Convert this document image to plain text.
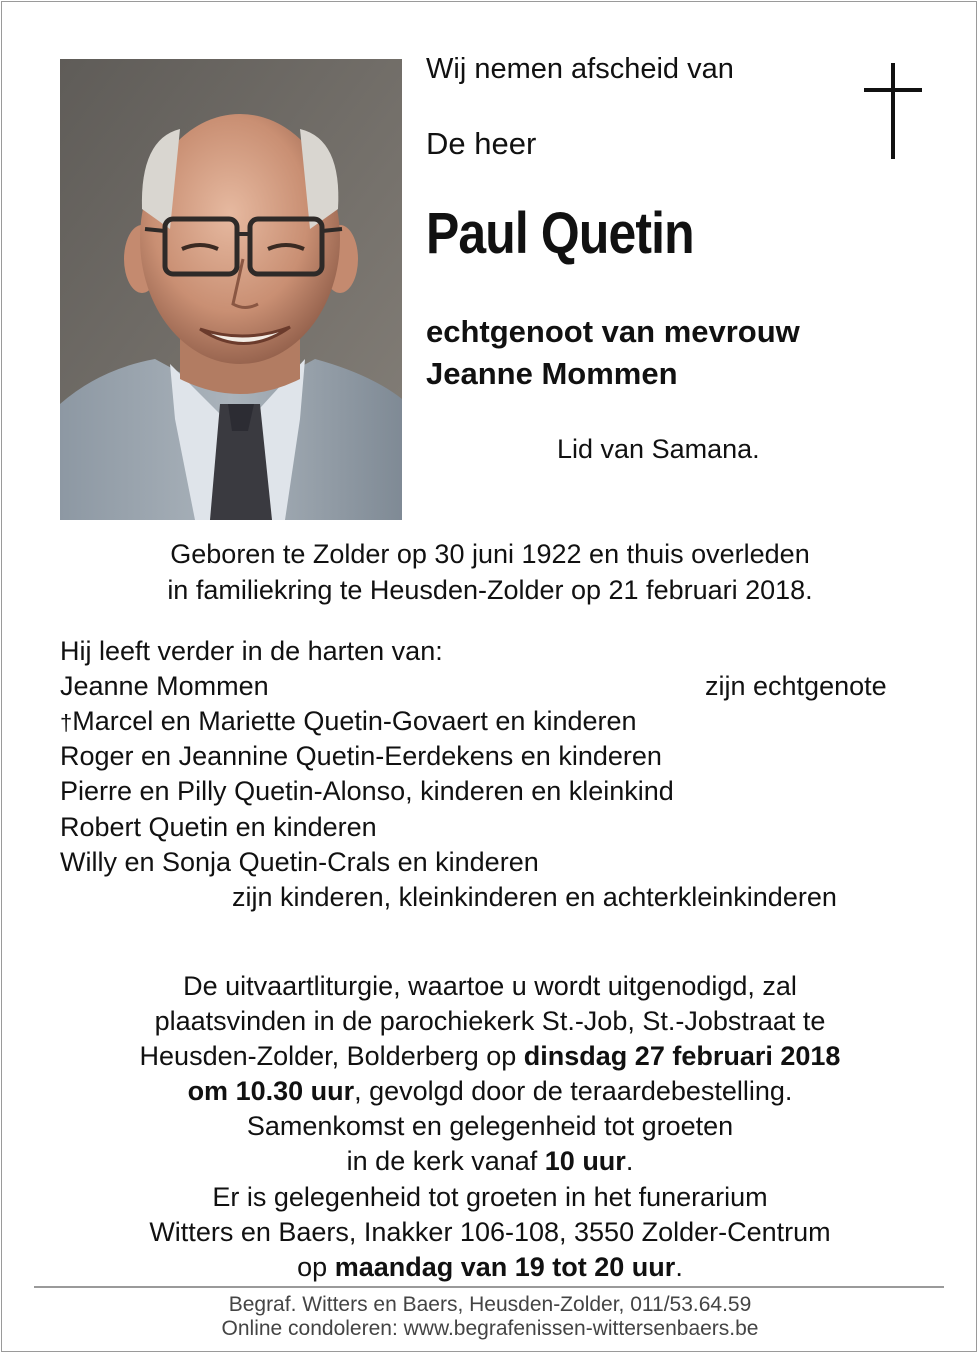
Wij nemen afscheid van
De heer
Paul Quetin
echtgenoot van mevrouw
Jeanne Mommen
Lid van Samana.
Geboren te Zolder op 30 juni 1922 en thuis overleden
in familiekring te Heusden-Zolder op 21 februari 2018.
Hij leeft verder in de harten van:
Jeanne Mommen	zijn echtgenote
†Marcel en Mariette Quetin-Govaert en kinderen
Roger en Jeannine Quetin-Eerdekens en kinderen
Pierre en Pilly Quetin-Alonso, kinderen en kleinkind
Robert Quetin en kinderen
Willy en Sonja Quetin-Crals en kinderen
zijn kinderen, kleinkinderen en achterkleinkinderen
De uitvaartliturgie, waartoe u wordt uitgenodigd, zal
plaatsvinden in de parochiekerk St.-Job, St.-Jobstraat te
Heusden-Zolder, Bolderberg op dinsdag 27 februari 2018
om 10.30 uur, gevolgd door de teraardebestelling.
Samenkomst en gelegenheid tot groeten
in de kerk vanaf 10 uur.
Er is gelegenheid tot groeten in het funerarium
Witters en Baers, Inakker 106-108, 3550 Zolder-Centrum
op maandag van 19 tot 20 uur.
Begraf. Witters en Baers, Heusden-Zolder, 011/53.64.59
Online condoleren: www.begrafenissen-wittersenbaers.be
